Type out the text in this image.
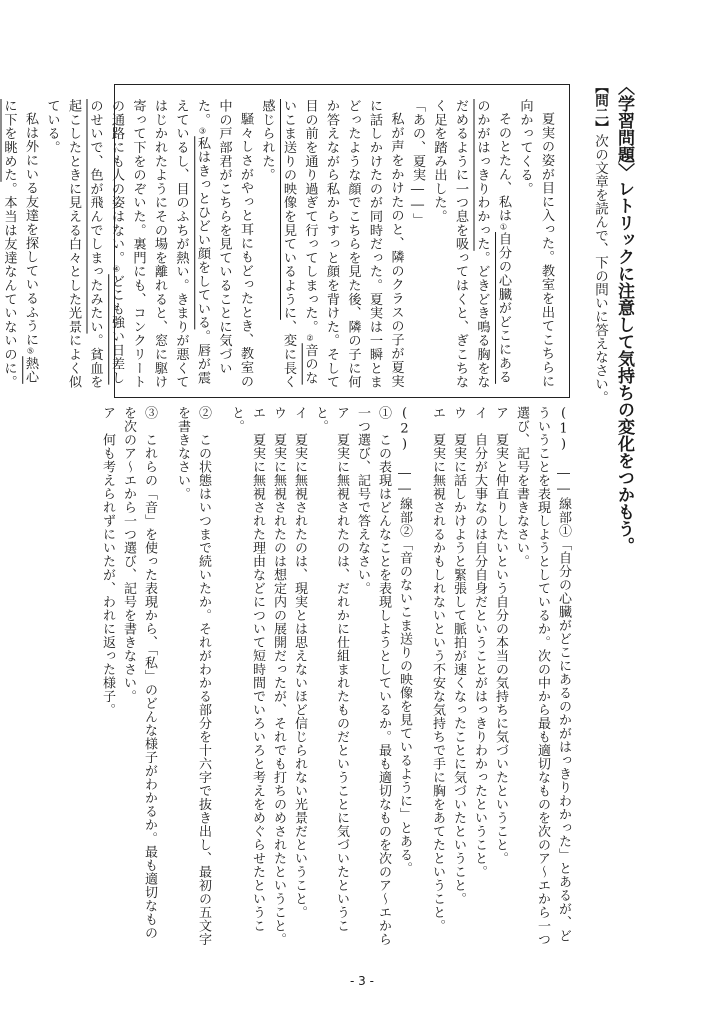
〈学習問題〉レトリックに注意して気持ちの変化をつかもう。
【問二】次の文章を読んで、下の問いに答えなさい。

夏実の姿が目に入った。教室を出てこちらに向かってくる。

そのとたん、私は①自分の心臓がどこにあるのかがはっきりわかった。どきどき鳴る胸をなだめるように一つ息を吸ってはくと、ぎこちなく足を踏み出した。

「あの、夏実――」

私が声をかけたのと、隣のクラスの子が夏実に話しかけたのが同時だった。夏実は一瞬とまどったような顔でこちらを見た後、隣の子に何か答えながら私からすっと顔を背けた。そして目の前を通り過ぎて行ってしまった。②音のないこま送りの映像を見ているように、変に長く感じられた。

騒々しさがやっと耳にもどったとき、教室の中の戸部君がこちらを見ていることに気づいた。③私はきっとひどい顔をしている。唇が震えているし、目のふちが熱い。きまりが悪くてはじかれたようにその場を離れると、窓に駆け寄って下をのぞいた。裏門にも、コンクリートの通路にも人の姿はない。④どこも強い日差しのせいで、色が飛んでしまったみたい。貧血を起こしたときに見える白々とした光景によく似ている。

私は外にいる友達を探しているふうに⑤熱心に下を眺めた。本当は友達なんていないのに。

(1)　――線部①「自分の心臓がどこにあるのかがはっきりわかった」とあるが、どういうことを表現しようとしているか。次の中から最も適切なものを次のア～エから一つ選び、記号を書きなさい。

ア　夏実と仲直りしたいという自分の本当の気持ちに気づいたということ。

イ　自分が大事なのは自分自身だということがはっきりわかったということ。

ウ　夏実に話しかけようと緊張して脈拍が速くなったことに気づいたということ。

エ　夏実に無視されるかもしれないという不安な気持ちで手に胸をあてたということ。

(2)　――線部②「音のないこま送りの映像を見ているように」とある。

①　この表現はどんなことを表現しようとしているか。最も適切なものを次のア～エから一つ選び、記号で答えなさい。

ア　夏実に無視されたのは、だれかに仕組まれたものだということに気づいたということ。

イ　夏実に無視されたのは、現実とは思えないほど信じられない光景だということ。

ウ　夏実に無視されたのは想定内の展開だったが、それでも打ちのめされたということ。

エ　夏実に無視された理由などについて短時間でいろいろと考えをめぐらせたということ。

②　この状態はいつまで続いたか。それがわかる部分を十六字で抜き出し、最初の五文字を書きなさい。

③　これらの「音」を使った表現から、「私」のどんな様子がわかるか。最も適切なものを次のア～エから一つ選び、記号を書きなさい。

ア　何も考えられずにいたが、われに返った様子。

- 3 -
